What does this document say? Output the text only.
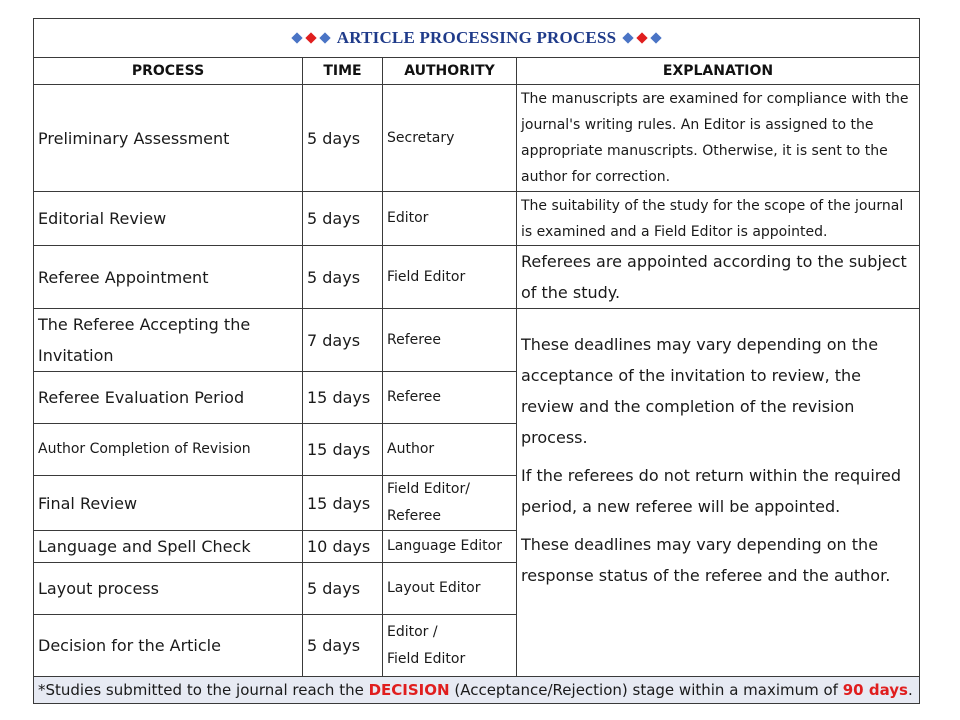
ARTICLE PROCESSING PROCESS			
PROCESS	TIME	AUTHORITY	EXPLANATION
Preliminary Assessment	5 days	Secretary	The manuscripts are examined for compliance with the journal's writing rules. An Editor is assigned to the appropriate manuscripts. Otherwise, it is sent to the author for correction.
Editorial Review	5 days	Editor	The suitability of the study for the scope of the journal is examined and a Field Editor is appointed.
Referee Appointment	5 days	Field Editor	Referees are appointed according to the subject of the study.
The Referee Accepting the Invitation	7 days	Referee	These deadlines may vary depending on the acceptance of the invitation to review, the review and the completion of the revision process.

If the referees do not return within the required period, a new referee will be appointed.

These deadlines may vary depending on the response status of the referee and the author.

Referee Evaluation Period	15 days	Referee	
Author Completion of Revision	15 days	Author	
Final Review	15 days	Field Editor/
Referee	

Language and Spell Check	10 days	Language Editor	
Layout process	5 days	Layout Editor	
Decision for the Article	5 days	Editor /
Field Editor	

*Studies submitted to the journal reach the DECISION (Acceptance/Rejection) stage within a maximum of 90 days.			
